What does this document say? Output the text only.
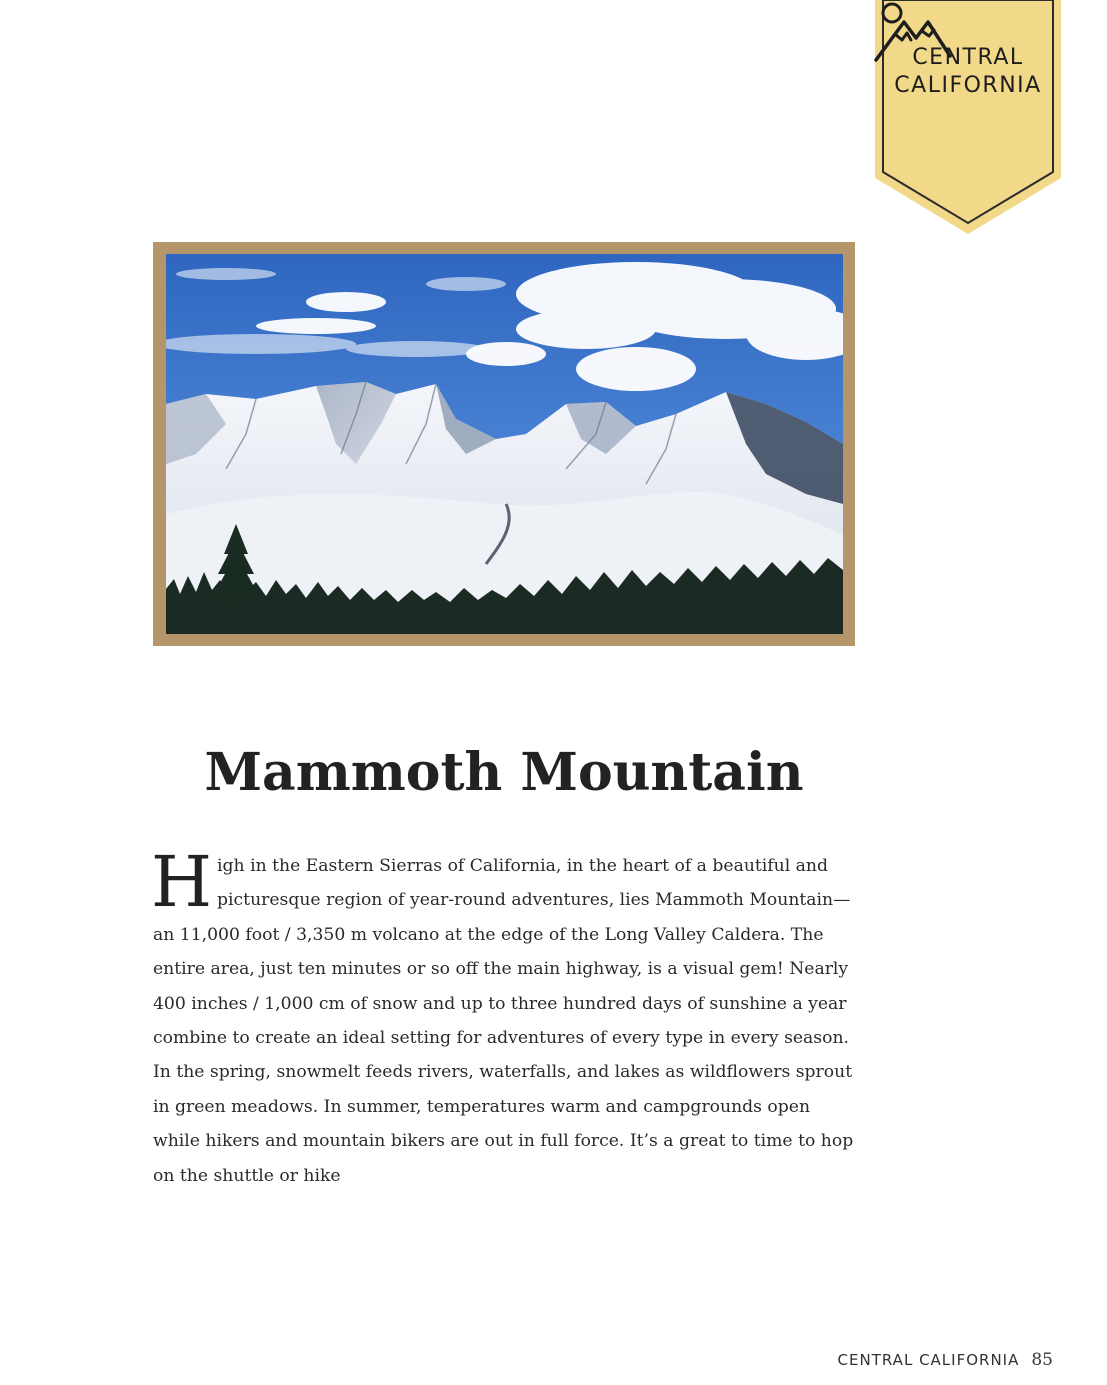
CENTRAL
CALIFORNIA
Mammoth Mountain

High in the Eastern Sierras of California, in the heart of a beautiful and picturesque region of year-round adventures, lies Mammoth Mountain—an 11,000 foot / 3,350 m volcano at the edge of the Long Valley Caldera. The entire area, just ten minutes or so off the main highway, is a visual gem! Nearly 400 inches / 1,000 cm of snow and up to three hundred days of sunshine a year combine to create an ideal setting for adventures of every type in every season. In the spring, snowmelt feeds rivers, waterfalls, and lakes as wildflowers sprout in green meadows. In summer, temperatures warm and campgrounds open while hikers and mountain bikers are out in full force. It’s a great to time to hop on the shuttle or hike

CENTRAL CALIFORNIA 85
